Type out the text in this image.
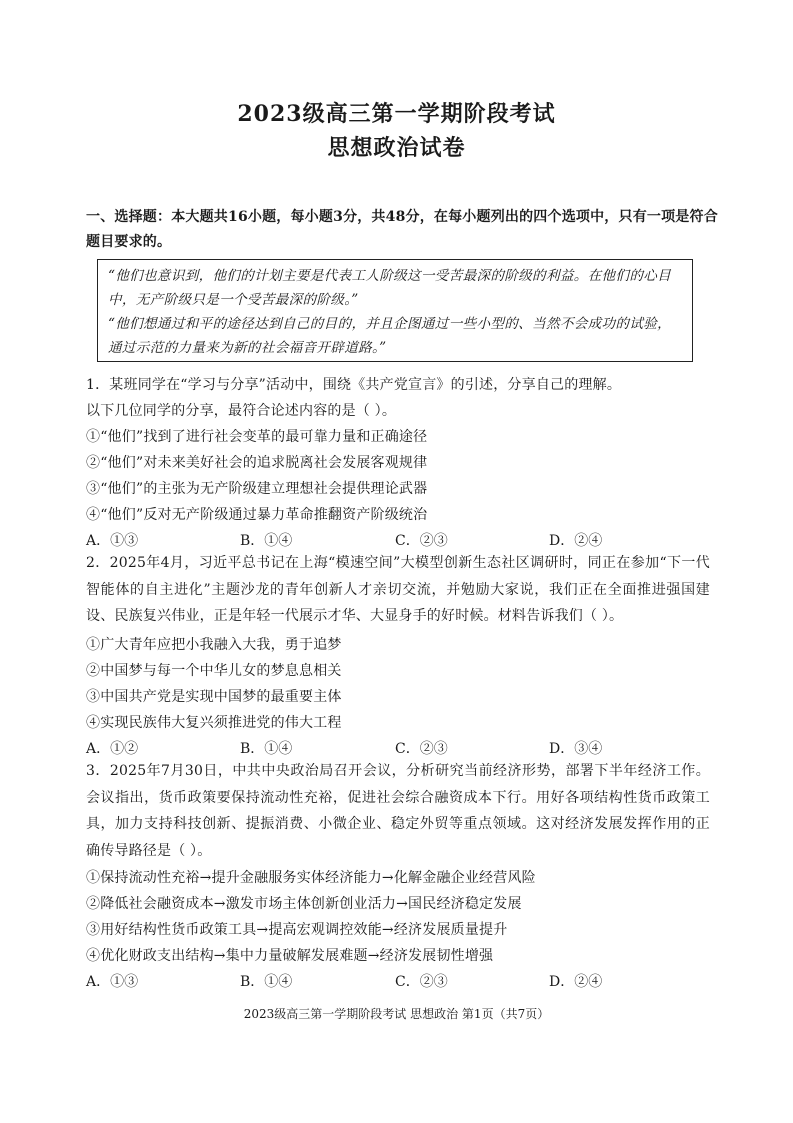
2023级高三第一学期阶段考试
思想政治试卷
一、选择题：本大题共16小题，每小题3分，共48分，在每小题列出的四个选项中，只有一项是符合题目要求的。

“他们也意识到，他们的计划主要是代表工人阶级这一受苦最深的阶级的利益。在他们的心目中，无产阶级只是一个受苦最深的阶级。”

“他们想通过和平的途径达到自己的目的，并且企图通过一些小型的、当然不会成功的试验，通过示范的力量来为新的社会福音开辟道路。”

1．某班同学在“学习与分享”活动中，围绕《共产党宣言》的引述，分享自己的理解。
以下几位同学的分享，最符合论述内容的是（ ）。
①“他们”找到了进行社会变革的最可靠力量和正确途径
②“他们”对未来美好社会的追求脱离社会发展客观规律
③“他们”的主张为无产阶级建立理想社会提供理论武器
④“他们”反对无产阶级通过暴力革命推翻资产阶级统治
A．①③	B．①④	C．②③	D．②④
2．2025年4月，习近平总书记在上海“模速空间”大模型创新生态社区调研时，同正在参加“下一代智能体的自主进化”主题沙龙的青年创新人才亲切交流，并勉励大家说，我们正在全面推进强国建设、民族复兴伟业，正是年轻一代展示才华、大显身手的好时候。材料告诉我们（ ）。
①广大青年应把小我融入大我，勇于追梦
②中国梦与每一个中华儿女的梦息息相关
③中国共产党是实现中国梦的最重要主体
④实现民族伟大复兴须推进党的伟大工程
A．①②	B．①④	C．②③	D．③④
3．2025年7月30日，中共中央政治局召开会议，分析研究当前经济形势，部署下半年经济工作。会议指出，货币政策要保持流动性充裕，促进社会综合融资成本下行。用好各项结构性货币政策工具，加力支持科技创新、提振消费、小微企业、稳定外贸等重点领域。这对经济发展发挥作用的正确传导路径是（ ）。
①保持流动性充裕→提升金融服务实体经济能力→化解金融企业经营风险
②降低社会融资成本→激发市场主体创新创业活力→国民经济稳定发展
③用好结构性货币政策工具→提高宏观调控效能→经济发展质量提升
④优化财政支出结构→集中力量破解发展难题→经济发展韧性增强
A．①③	B．①④	C．②③	D．②④
2023级高三第一学期阶段考试 思想政治 第1页（共7页）
